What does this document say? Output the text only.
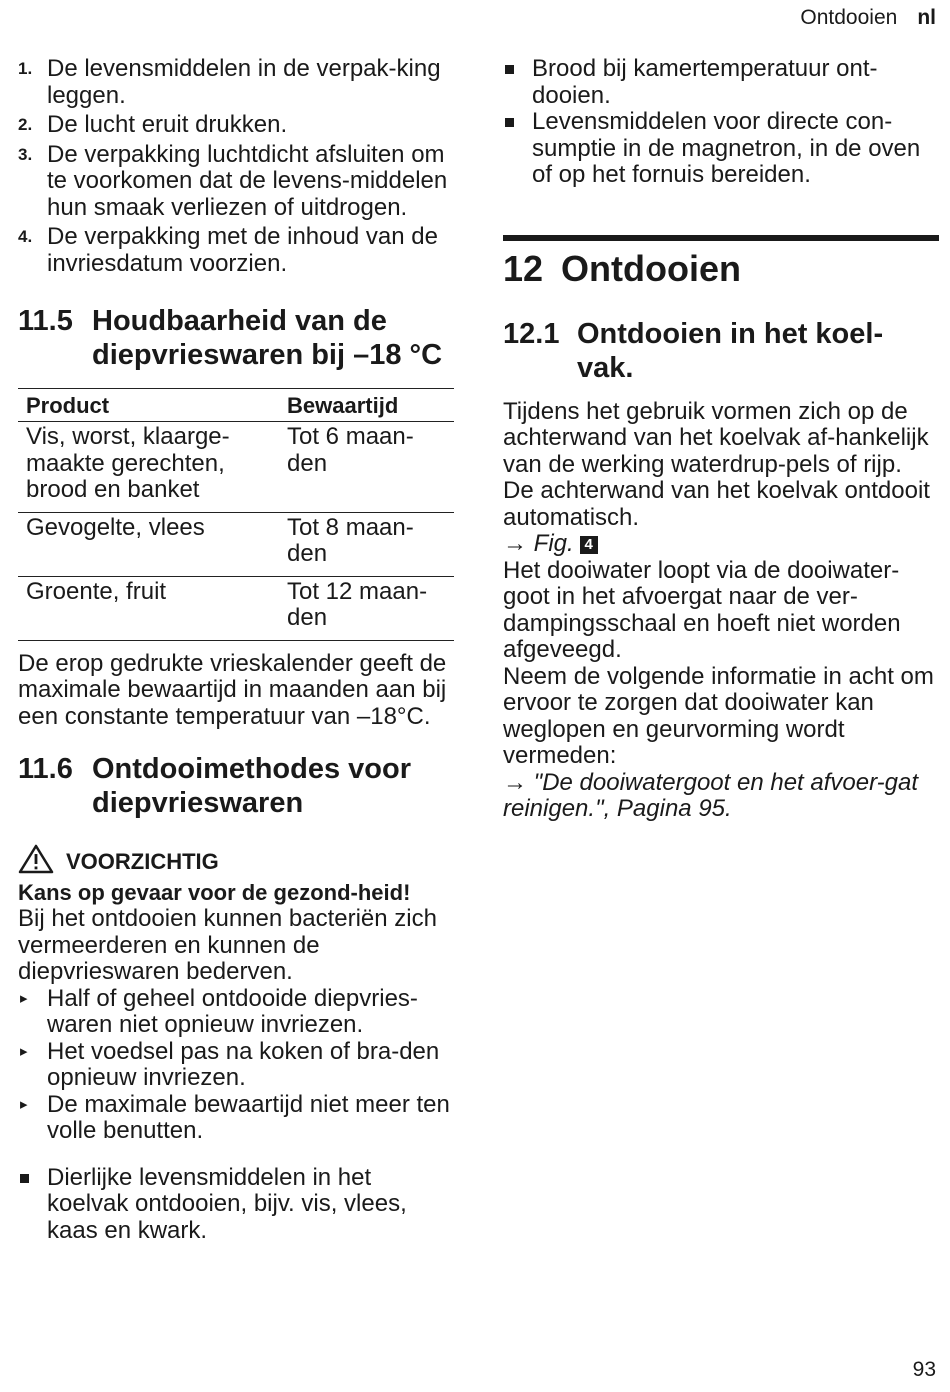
Ontdooien nl
1. De levensmiddelen in de verpak-king leggen.
2. De lucht eruit drukken.
3. De verpakking luchtdicht afsluiten om te voorkomen dat de levens-middelen hun smaak verliezen of uitdrogen.
4. De verpakking met de inhoud van de invriesdatum voorzien.
11.5 Houdbaarheid van de diepvrieswaren bij –18 °C
Product	Bewaartijd
Vis, worst, klaarge-maakte gerechten, brood en banket	Tot 6 maan-den
Gevogelte, vlees	Tot 8 maan-den
Groente, fruit	Tot 12 maan-den

De erop gedrukte vrieskalender geeft de maximale bewaartijd in maanden aan bij een constante temperatuur van –18°C.

11.6 Ontdooimethodes voor diepvrieswaren
VOORZICHTIG
Kans op gevaar voor de gezond-heid!

Bij het ontdooien kunnen bacteriën zich vermeerderen en kunnen de diepvrieswaren bederven.

▸ Half of geheel ontdooide diepvries-waren niet opnieuw invriezen.
▸ Het voedsel pas na koken of bra-den opnieuw invriezen.
▸ De maximale bewaartijd niet meer ten volle benutten.
Dierlijke levensmiddelen in het koelvak ontdooien, bijv. vis, vlees, kaas en kwark.
Brood bij kamertemperatuur ont-dooien.
Levensmiddelen voor directe con-sumptie in de magnetron, in de oven of op het fornuis bereiden.
12 Ontdooien
12.1 Ontdooien in het koel-vak.

Tijdens het gebruik vormen zich op de achterwand van het koelvak af-hankelijk van de werking waterdrup-pels of rijp. De achterwand van het koelvak ontdooit automatisch.

→ Fig. 4

Het dooiwater loopt via de dooiwater-goot in het afvoergat naar de ver-dampingsschaal en hoeft niet worden afgeveegd.

Neem de volgende informatie in acht om ervoor te zorgen dat dooiwater kan weglopen en geurvorming wordt vermeden:

→ "De dooiwatergoot en het afvoer-gat reinigen.", Pagina 95.

93
